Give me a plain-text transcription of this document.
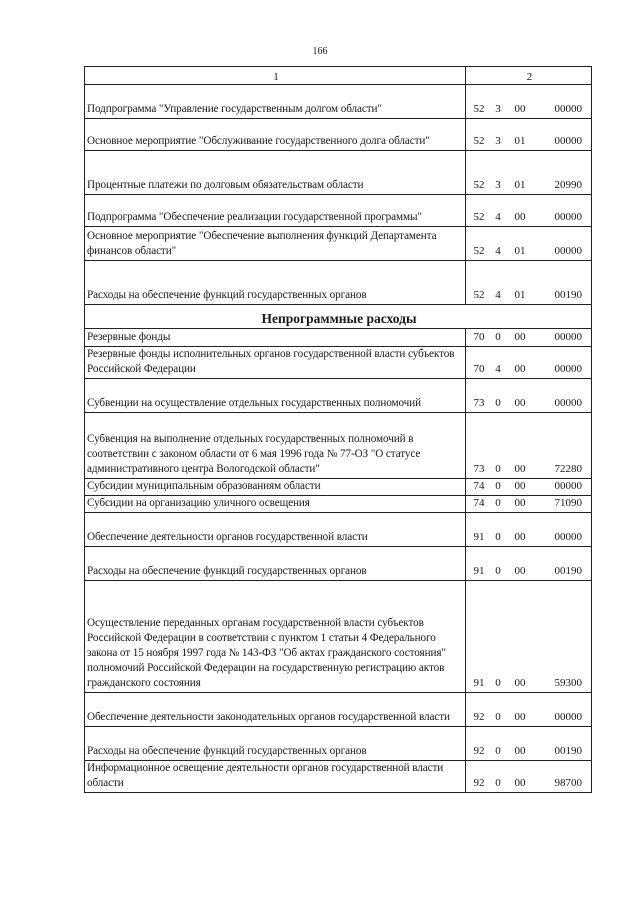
166
1	2
Подпрограмма "Управление государственным долгом области"	52 3 00 00000
Основное мероприятие "Обслуживание государственного долга области"	52 3 01 00000
Процентные платежи по долговым обязательствам области	52 3 01 20990
Подпрограмма "Обеспечение реализации государственной программы"	52 4 00 00000
Основное мероприятие "Обеспечение выполнения функций Департамента финансов области"	52 4 01 00000
Расходы на обеспечение функций государственных органов	52 4 01 00190
Непрограммные расходы	
Резервные фонды	70 0 00 00000
Резервные фонды исполнительных органов государственной власти субъектов Российской Федерации	70 4 00 00000
Субвенции на осуществление отдельных государственных полномочий	73 0 00 00000
Субвенция на выполнение отдельных государственных полномочий в соответствии с законом области от 6 мая 1996 года № 77-ОЗ "О статусе административного центра Вологодской области"	73 0 00 72280
Субсидии муниципальным образованиям области	74 0 00 00000
Субсидии на организацию уличного освещения	74 0 00 71090
Обеспечение деятельности органов государственной власти	91 0 00 00000
Расходы на обеспечение функций государственных органов	91 0 00 00190
Осуществление переданных органам государственной власти субъектов Российской Федерации в соответствии с пунктом 1 статьи 4 Федерального закона от 15 ноября 1997 года № 143-ФЗ "Об актах гражданского состояния" полномочий Российской Федерации на государственную регистрацию актов гражданского состояния	91 0 00 59300
Обеспечение деятельности законодательных органов государственной власти	92 0 00 00000
Расходы на обеспечение функций государственных органов	92 0 00 00190
Информационное освещение деятельности органов государственной власти области	92 0 00 98700
